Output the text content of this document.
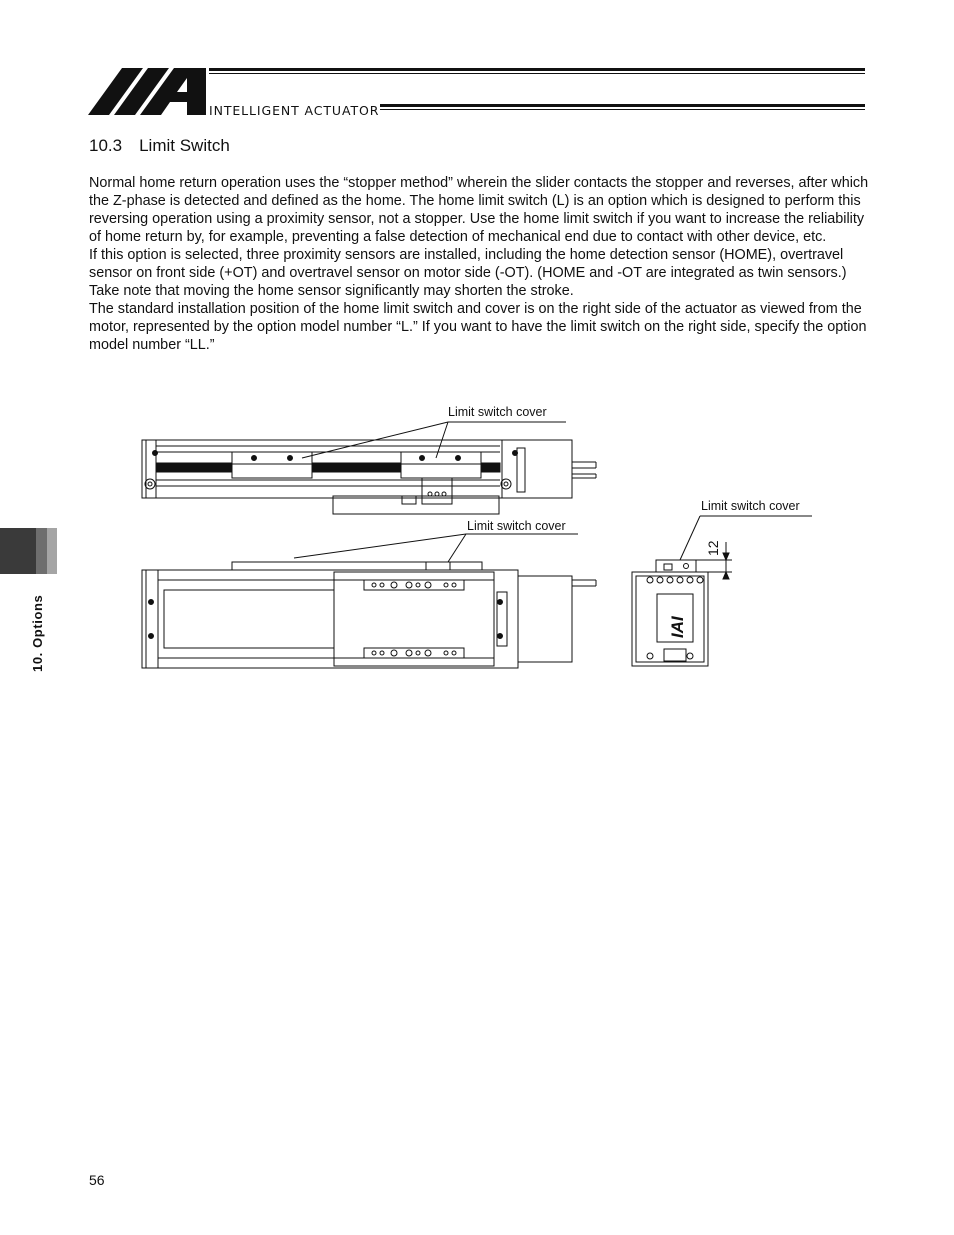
INTELLIGENT ACTUATOR
10.3 Limit Switch

Normal home return operation uses the “stopper method” wherein the slider contacts the stopper and reverses, after which the Z-phase is detected and defined as the home. The home limit switch (L) is an option which is designed to perform this reversing operation using a proximity sensor, not a stopper. Use the home limit switch if you want to increase the reliability of home return by, for example, preventing a false detection of mechanical end due to contact with other device, etc.

If this option is selected, three proximity sensors are installed, including the home detection sensor (HOME), overtravel sensor on front side (+OT) and overtravel sensor on motor side (-OT). (HOME and -OT are integrated as twin sensors.) Take note that moving the home sensor significantly may shorten the stroke.

The standard installation position of the home limit switch and cover is on the right side of the actuator as viewed from the motor, represented by the option model number “L.” If you want to have the limit switch on the right side, specify the option model number “LL.”

10. Options
Limit switch cover
Limit switch cover
Limit switch cover
12
IAI
56
